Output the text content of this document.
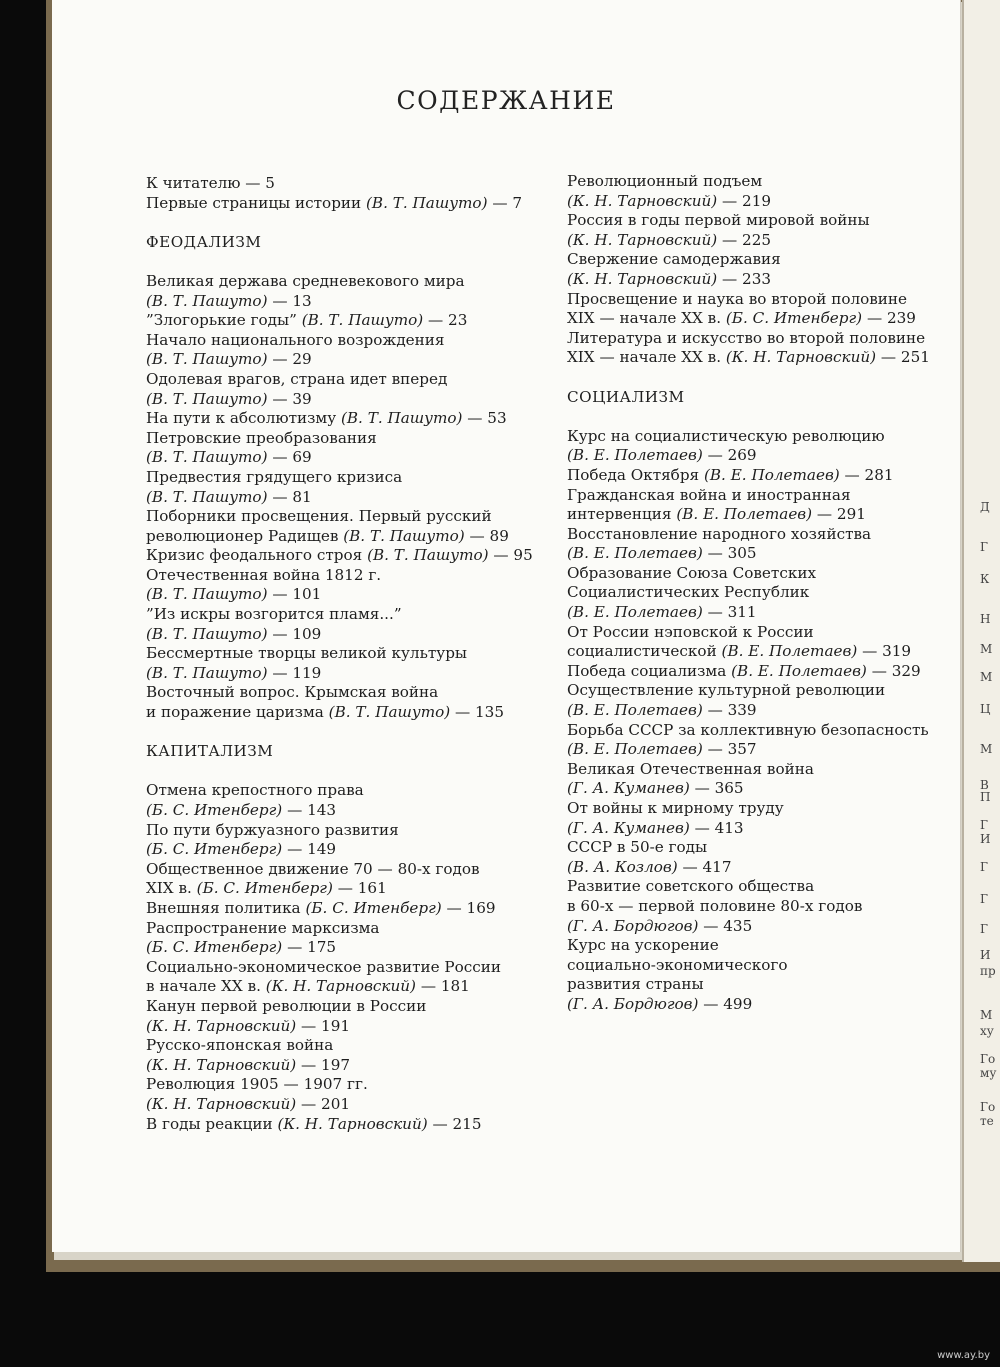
СОДЕРЖАНИЕ
К читателю — 5
Первые страницы истории (В. Т. Пашуто) — 7
ФЕОДАЛИЗМ
Великая держава средневекового мира
(В. Т. Пашуто) — 13
”Злогорькие годы” (В. Т. Пашуто) — 23
Начало национального возрождения
(В. Т. Пашуто) — 29
Одолевая врагов, страна идет вперед
(В. Т. Пашуто) — 39
На пути к абсолютизму (В. Т. Пашуто) — 53
Петровские преобразования
(В. Т. Пашуто) — 69
Предвестия грядущего кризиса
(В. Т. Пашуто) — 81
Поборники просвещения. Первый русский
революционер Радищев (В. Т. Пашуто) — 89
Кризис феодального строя (В. Т. Пашуто) — 95
Отечественная война 1812 г.
(В. Т. Пашуто) — 101
”Из искры возгорится пламя...”
(В. Т. Пашуто) — 109
Бессмертные творцы великой культуры
(В. Т. Пашуто) — 119
Восточный вопрос. Крымская война
и поражение царизма (В. Т. Пашуто) — 135
КАПИТАЛИЗМ
Отмена крепостного права
(Б. С. Итенберг) — 143
По пути буржуазного развития
(Б. С. Итенберг) — 149
Общественное движение 70 — 80-х годов
XIX в. (Б. С. Итенберг) — 161
Внешняя политика (Б. С. Итенберг) — 169
Распространение марксизма
(Б. С. Итенберг) — 175
Социально-экономическое развитие России
в начале XX в. (К. Н. Тарновский) — 181
Канун первой революции в России
(К. Н. Тарновский) — 191
Русско-японская война
(К. Н. Тарновский) — 197
Революция 1905 — 1907 гг.
(К. Н. Тарновский) — 201
В годы реакции (К. Н. Тарновский) — 215
Революционный подъем
(К. Н. Тарновский) — 219
Россия в годы первой мировой войны
(К. Н. Тарновский) — 225
Свержение самодержавия
(К. Н. Тарновский) — 233
Просвещение и наука во второй половине
XIX — начале XX в. (Б. С. Итенберг) — 239
Литература и искусство во второй половине
XIX — начале XX в. (К. Н. Тарновский) — 251
СОЦИАЛИЗМ
Курс на социалистическую революцию
(В. Е. Полетаев) — 269
Победа Октября (В. Е. Полетаев) — 281
Гражданская война и иностранная
интервенция (В. Е. Полетаев) — 291
Восстановление народного хозяйства
(В. Е. Полетаев) — 305
Образование Союза Советских
Социалистических Республик
(В. Е. Полетаев) — 311
От России нэповской к России
социалистической (В. Е. Полетаев) — 319
Победа социализма (В. Е. Полетаев) — 329
Осуществление культурной революции
(В. Е. Полетаев) — 339
Борьба СССР за коллективную безопасность
(В. Е. Полетаев) — 357
Великая Отечественная война
(Г. А. Куманев) — 365
От войны к мирному труду
(Г. А. Куманев) — 413
СССР в 50-е годы
(В. А. Козлов) — 417
Развитие советского общества
в 60-х — первой половине 80-х годов
(Г. А. Бордюгов) — 435
Курс на ускорение
социально-экономического
развития страны
(Г. А. Бордюгов) — 499
Д
Г
К
Н
М
М
Ц
М
В
П
Г
И
Г
Г
Г
И
пр
М
ху
Го
му
Го
те
www.ay.by
